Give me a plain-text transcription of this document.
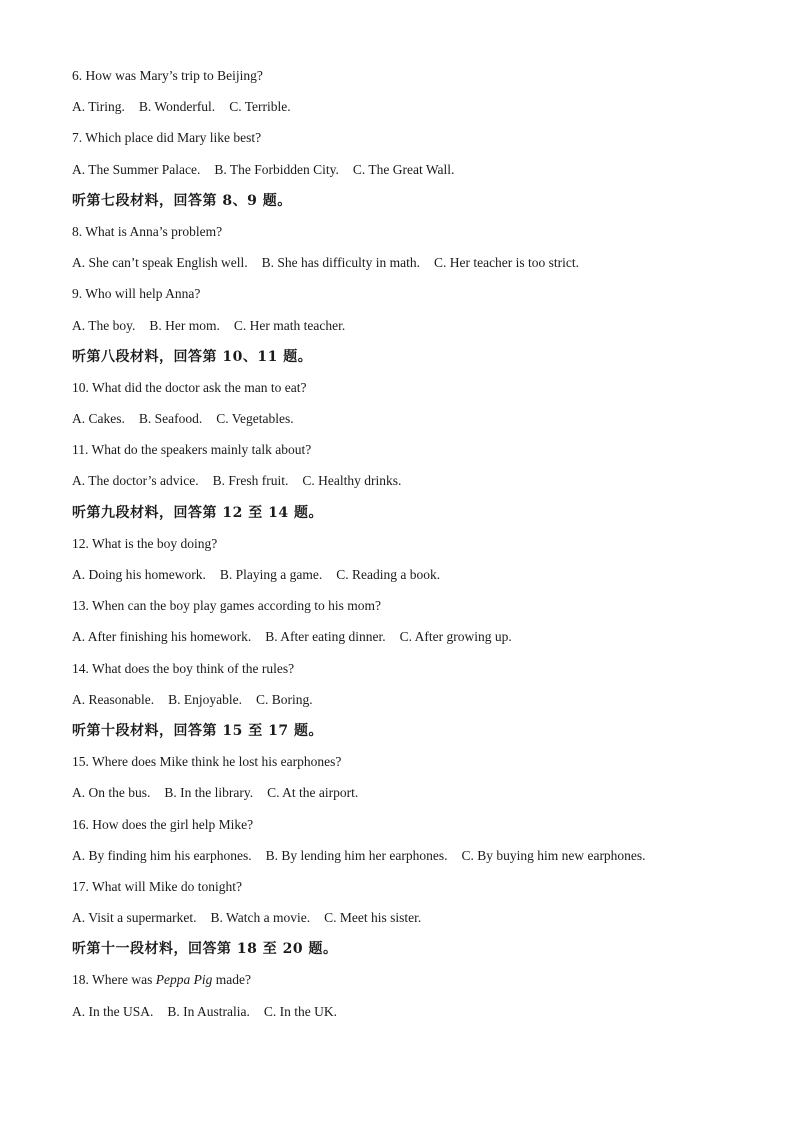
6. How was Mary’s trip to Beijing?
A. Tiring. B. Wonderful. C. Terrible.
7. Which place did Mary like best?
A. The Summer Palace. B. The Forbidden City. C. The Great Wall.
听第七段材料，回答第 8、9 题。
8. What is Anna’s problem?
A. She can’t speak English well. B. She has difficulty in math. C. Her teacher is too strict.
9. Who will help Anna?
A. The boy. B. Her mom. C. Her math teacher.
听第八段材料，回答第 10、11 题。
10. What did the doctor ask the man to eat?
A. Cakes. B. Seafood. C. Vegetables.
11. What do the speakers mainly talk about?
A. The doctor’s advice. B. Fresh fruit. C. Healthy drinks.
听第九段材料，回答第 12 至 14 题。
12. What is the boy doing?
A. Doing his homework. B. Playing a game. C. Reading a book.
13. When can the boy play games according to his mom?
A. After finishing his homework. B. After eating dinner. C. After growing up.
14. What does the boy think of the rules?
A. Reasonable. B. Enjoyable. C. Boring.
听第十段材料，回答第 15 至 17 题。
15. Where does Mike think he lost his earphones?
A. On the bus. B. In the library. C. At the airport.
16. How does the girl help Mike?
A. By finding him his earphones. B. By lending him her earphones. C. By buying him new earphones.
17. What will Mike do tonight?
A. Visit a supermarket. B. Watch a movie. C. Meet his sister.
听第十一段材料，回答第 18 至 20 题。
18. Where was Peppa Pig made?
A. In the USA. B. In Australia. C. In the UK.
